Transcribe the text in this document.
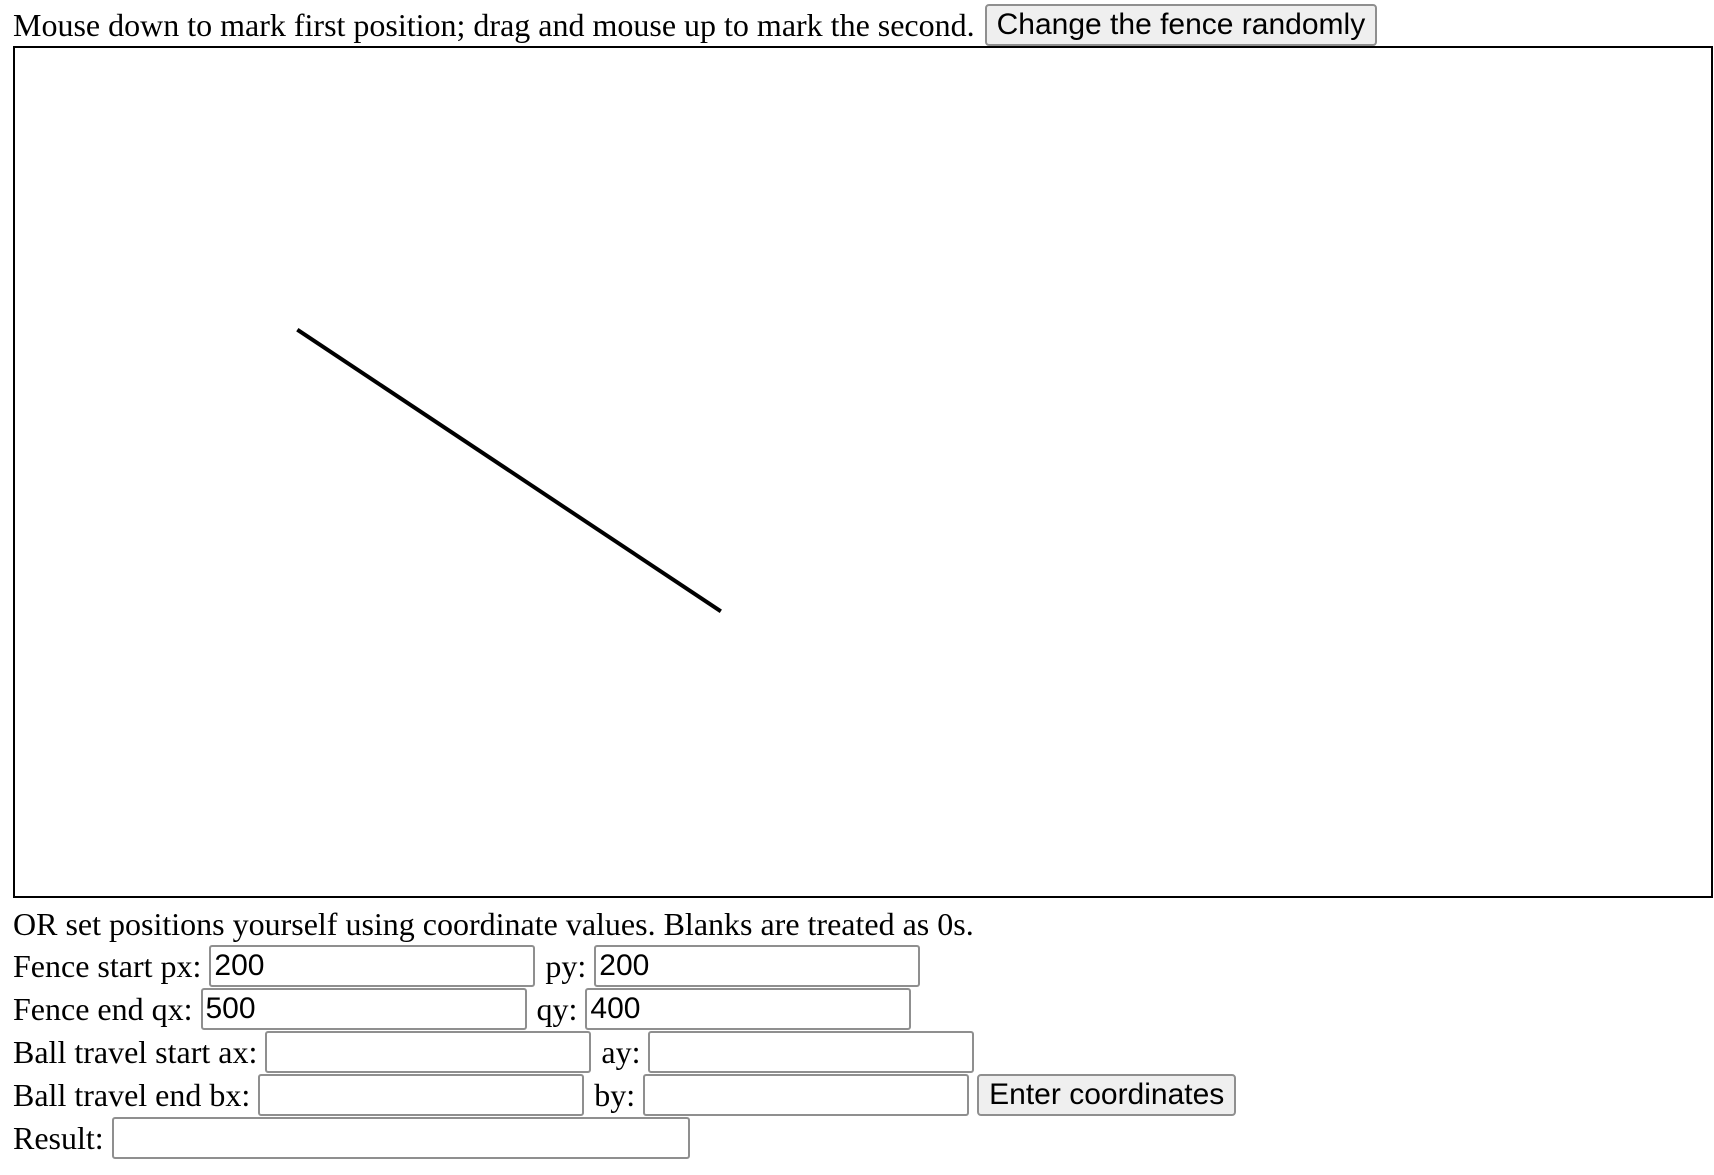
Mouse down to mark first position; drag and mouse up to mark the second. Change the fence randomly
OR set positions yourself using coordinate values. Blanks are treated as 0s.
Fence start px:
200	py:
200
Fence end qx:
500	qy:
400
Ball travel start ax:	ay:
Ball travel end bx:	by:	Enter coordinates
Result:
